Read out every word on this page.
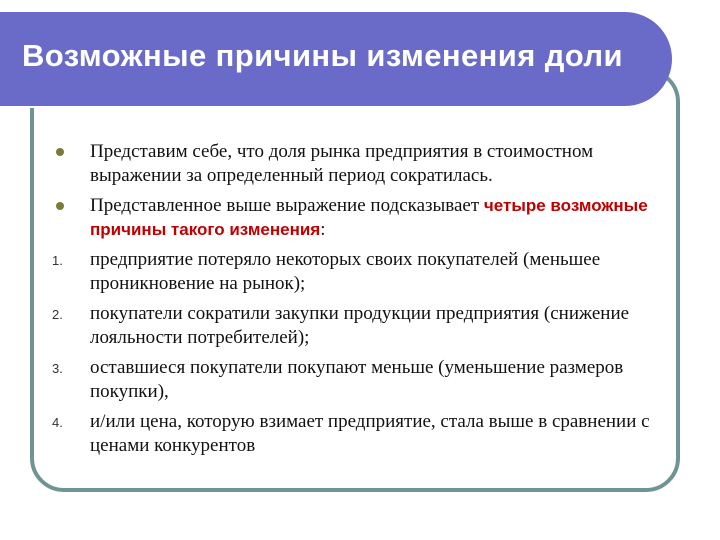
Возможные причины изменения доли
Представим себе, что доля рынка предприятия в стоимостном выражении за определенный период сократилась.
Представленное выше выражение подсказывает четыре возможные причины такого изменения:
1. предприятие потеряло некоторых своих покупателей (меньшее проникновение на рынок);
2. покупатели сократили закупки продукции предприятия (снижение лояльности потребителей);
3. оставшиеся покупатели покупают меньше (уменьшение размеров покупки),
4. и/или цена, которую взимает предприятие, стала выше в сравнении с ценами конкурентов
